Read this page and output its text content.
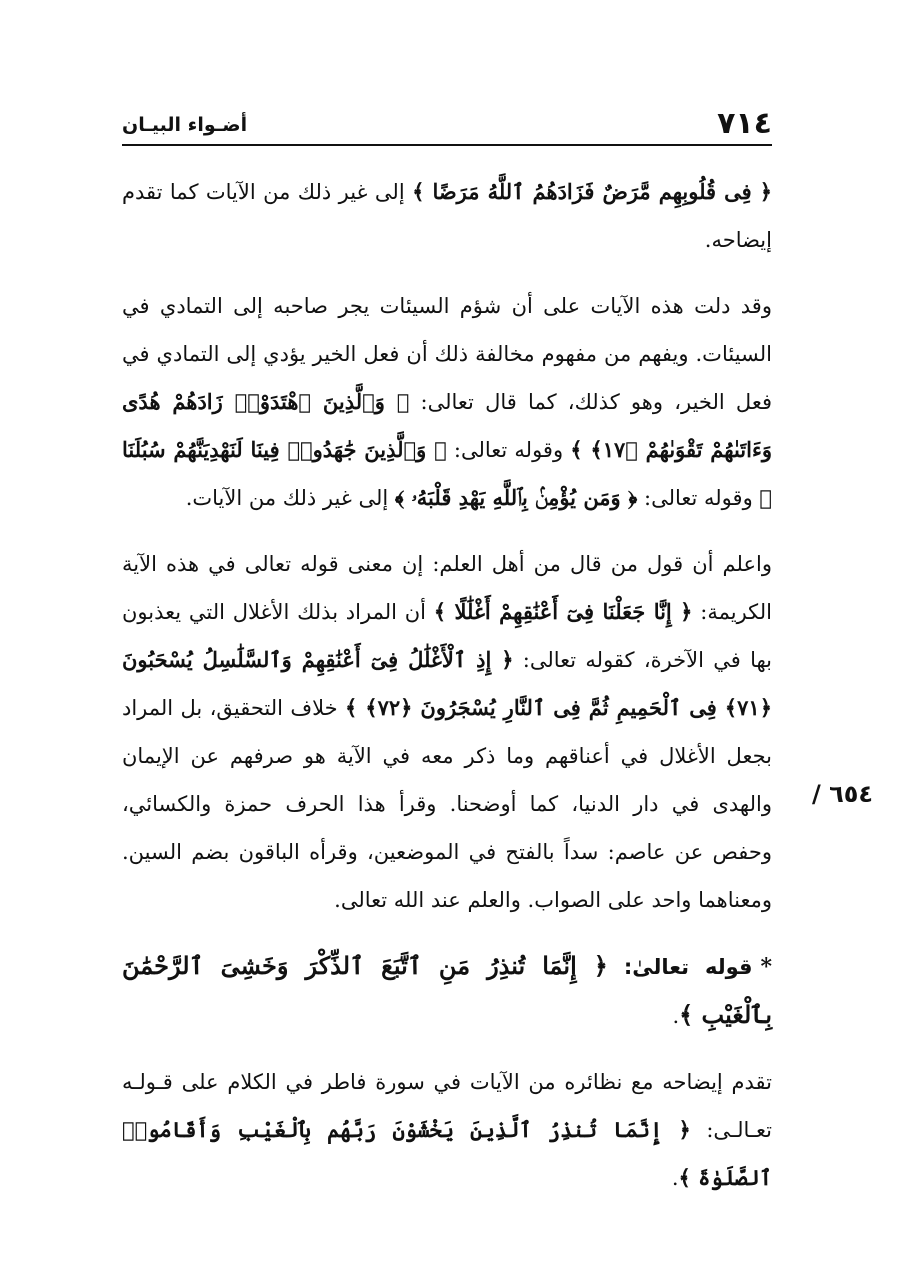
٧١٤
أضـواء البيـان

﴿ فِى قُلُوبِهِم مَّرَضٌ فَزَادَهُمُ ٱللَّهُ مَرَضًا ﴾ إلى غير ذلك من الآيات كما تقدم إيضاحه.

وقد دلت هذه الآيات على أن شؤم السيئات يجر صاحبه إلى التمادي في السيئات. ويفهم من مفهوم مخالفة ذلك أن فعل الخير يؤدي إلى التمادي في فعل الخير، وهو كذلك، كما قال تعالى: ﴿ وَٱلَّذِينَ ٱهْتَدَوْا۟ زَادَهُمْ هُدًى وَءَاتَىٰهُمْ تَقْوَىٰهُمْ ﴿١٧﴾ ﴾ وقوله تعالى: ﴿ وَٱلَّذِينَ جَٰهَدُوا۟ فِينَا لَنَهْدِيَنَّهُمْ سُبُلَنَا ﴾ وقوله تعالى: ﴿ وَمَن يُؤْمِنۢ بِٱللَّهِ يَهْدِ قَلْبَهُۥ ﴾ إلى غير ذلك من الآيات.

واعلم أن قول من قال من أهل العلم: إن معنى قوله تعالى في هذه الآية الكريمة: ﴿ إِنَّا جَعَلْنَا فِىٓ أَعْنَٰقِهِمْ أَغْلَٰلًا ﴾ أن المراد بذلك الأغلال التي يعذبون بها في الآخرة، كقوله تعالى: ﴿ إِذِ ٱلْأَغْلَٰلُ فِىٓ أَعْنَٰقِهِمْ وَٱلسَّلَٰسِلُ يُسْحَبُونَ ﴿٧١﴾ فِى ٱلْحَمِيمِ ثُمَّ فِى ٱلنَّارِ يُسْجَرُونَ ﴿٧٢﴾ ﴾ خلاف التحقيق، بل المراد بجعل الأغلال في أعناقهم وما ذكر معه في الآية هو صرفهم عن الإيمان والهدى في دار الدنيا، كما أوضحنا. وقرأ هذا الحرف حمزة والكسائي، وحفص عن عاصم: سداً بالفتح في الموضعين، وقرأه الباقون بضم السين. ومعناهما واحد على الصواب. والعلم عند الله تعالى.

*قوله تعالىٰ: ﴿ إِنَّمَا تُنذِرُ مَنِ ٱتَّبَعَ ٱلذِّكْرَ وَخَشِىَ ٱلرَّحْمَٰنَ بِٱلْغَيْبِ ﴾.

تقدم إيضاحه مع نظائره من الآيات في سورة فاطر في الكلام على قـولـه تعـالـى: ﴿ إِنَّمَا تُنذِرُ ٱلَّذِينَ يَخْشَوْنَ رَبَّهُم بِٱلْغَيْبِ وَأَقَامُوا۟ ٱلصَّلَوٰةَ ﴾.

٦٥٤ /
